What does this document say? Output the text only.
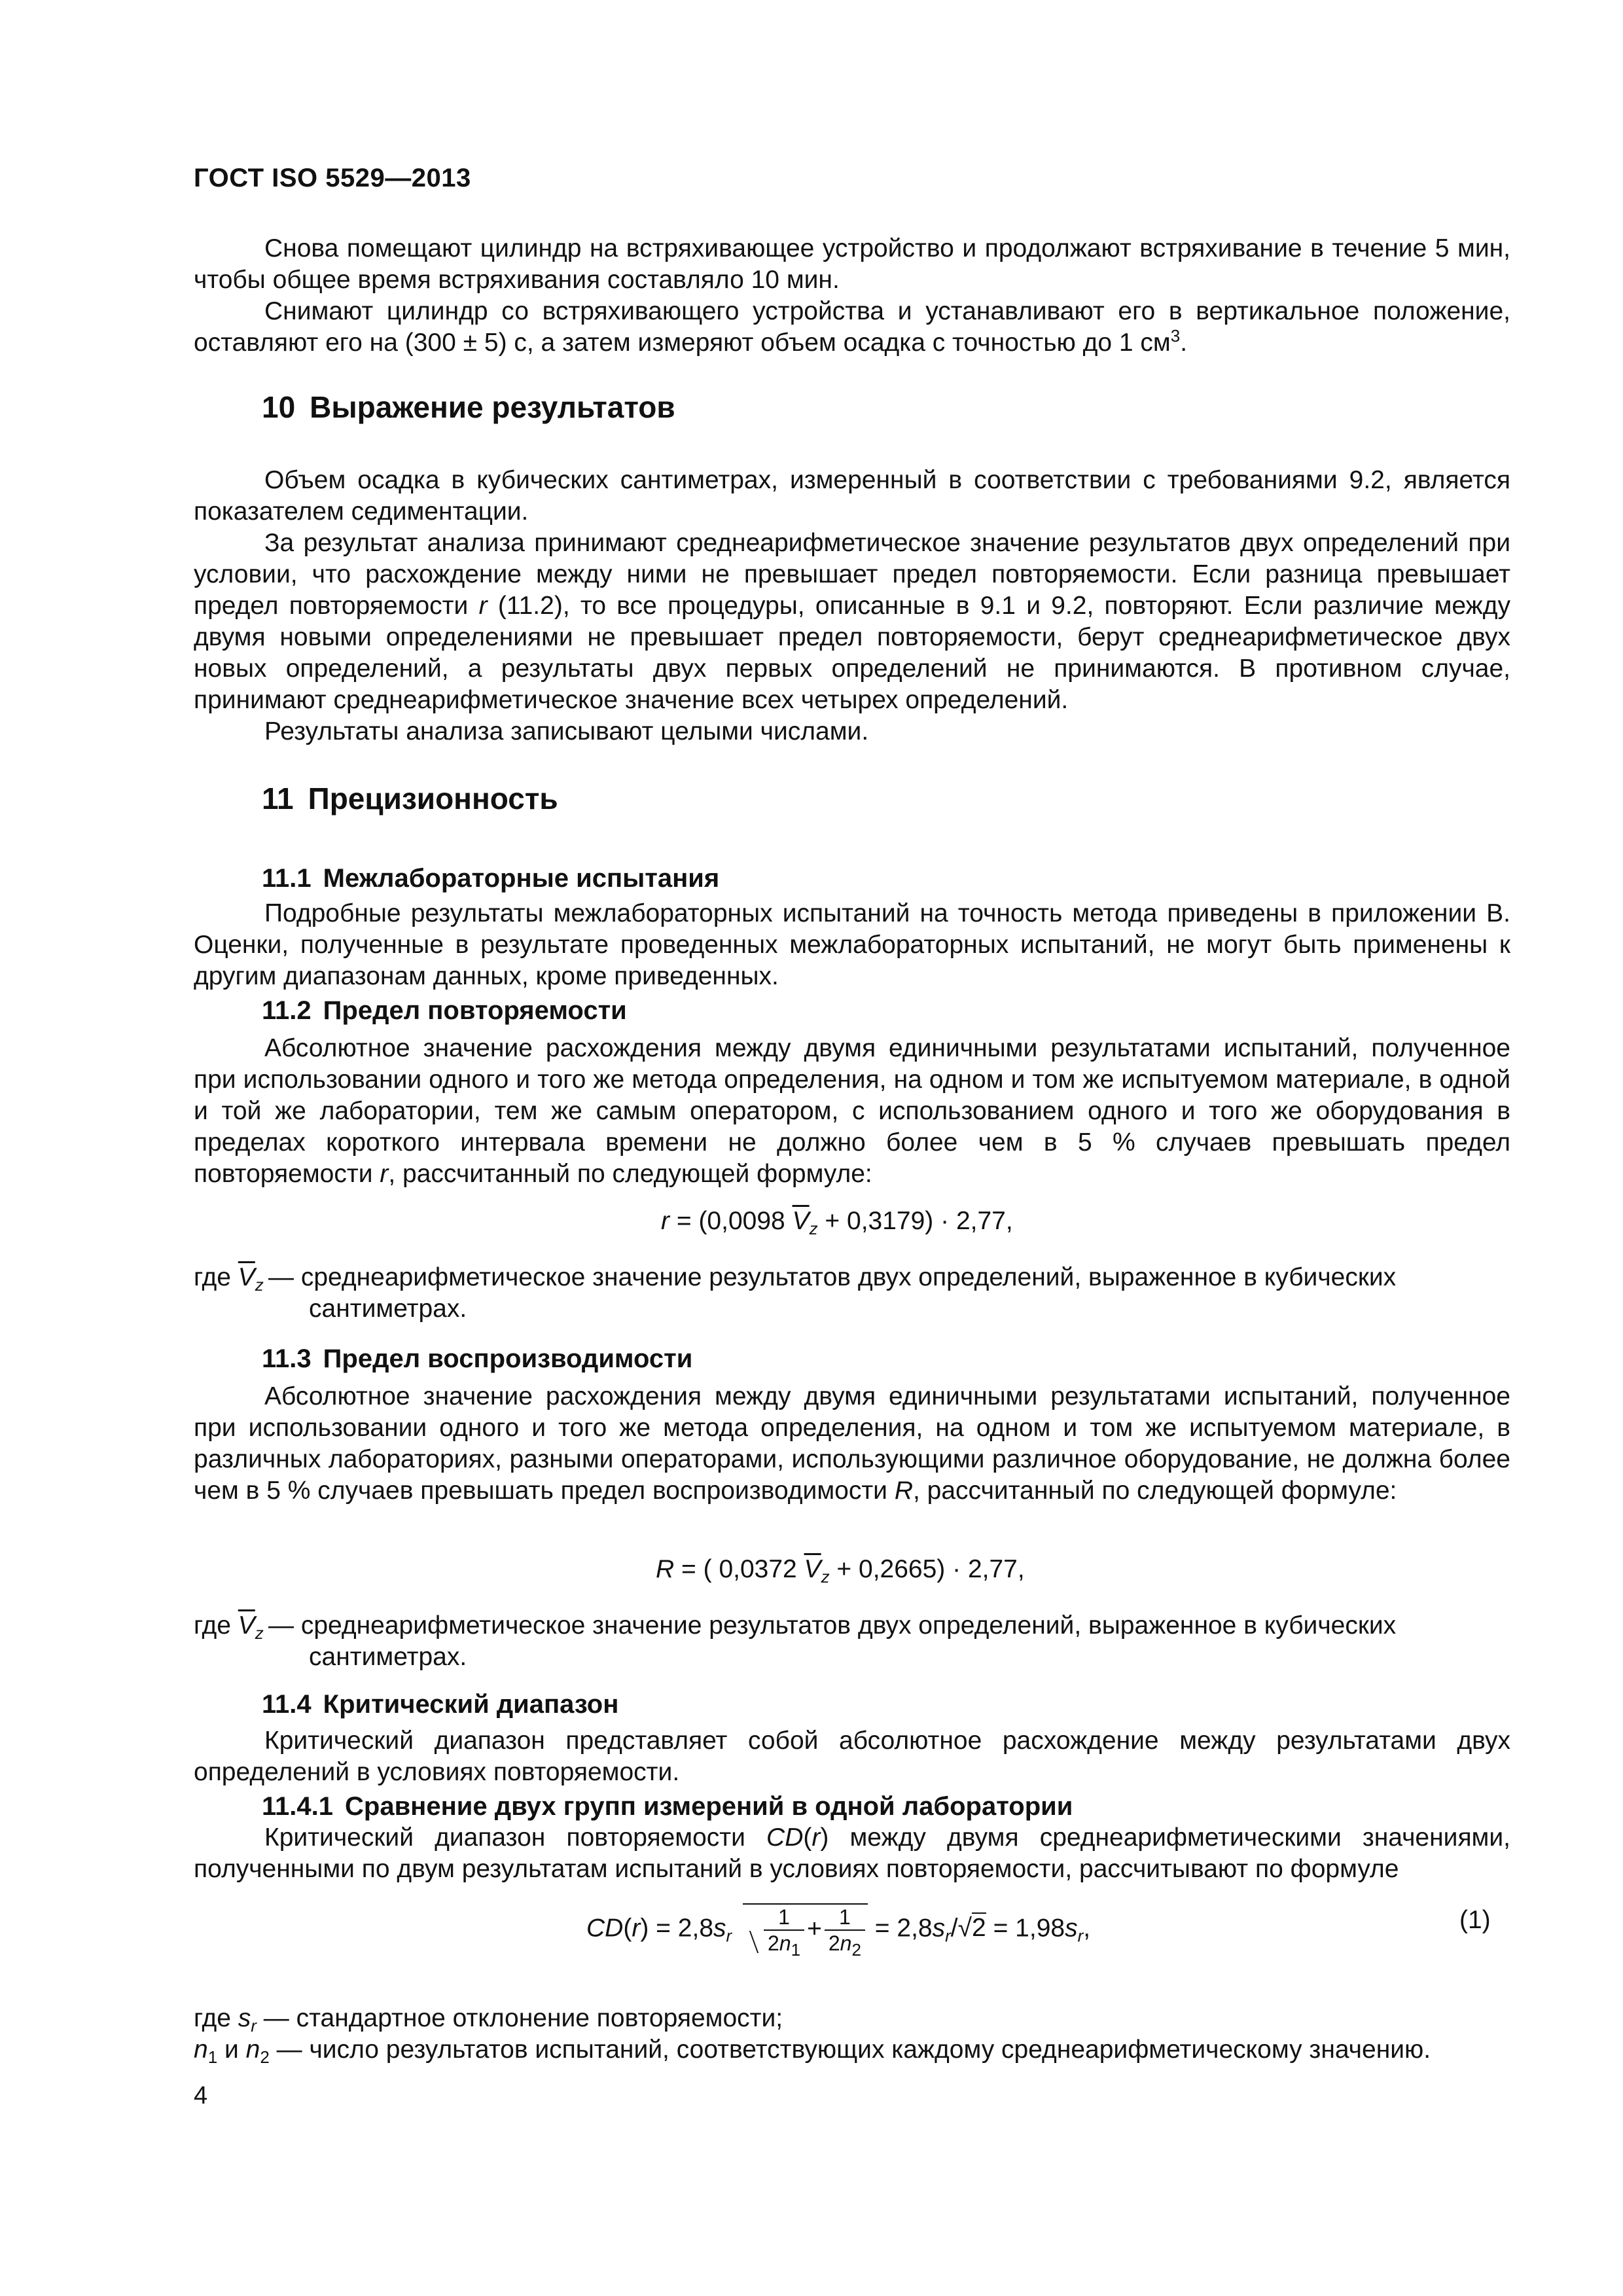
ГОСТ ISO 5529—2013

Снова помещают цилиндр на встряхивающее устройство и продолжают встряхивание в течение 5 мин, чтобы общее время встряхивания составляло 10 мин.

Снимают цилиндр со встряхивающего устройства и устанавливают его в вертикальное положение, оставляют его на (300 ± 5) с, а затем измеряют объем осадка с точностью до 1 $см^3$.

10 Выражение результатов

Объем осадка в кубических сантиметрах, измеренный в соответствии с требованиями 9.2, является показателем седиментации.

За результат анализа принимают среднеарифметическое значение результатов двух определений при условии, что расхождение между ними не превышает предел повторяемости. Если разница превышает предел повторяемости r (11.2), то все процедуры, описанные в 9.1 и 9.2, повторяют. Если различие между двумя новыми определениями не превышает предел повторяемости, берут среднеарифметическое двух новых определений, а результаты двух первых определений не принимаются. В противном случае, принимают среднеарифметическое значение всех четырех определений.

Результаты анализа записывают целыми числами.

11 Прецизионность
11.1 Межлабораторные испытания

Подробные результаты межлабораторных испытаний на точность метода приведены в приложении В. Оценки, полученные в результате проведенных межлабораторных испытаний, не могут быть применены к другим диапазонам данных, кроме приведенных.

11.2 Предел повторяемости

Абсолютное значение расхождения между двумя единичными результатами испытаний, полученное при использовании одного и того же метода определения, на одном и том же испытуемом материале, в одной и той же лаборатории, тем же самым оператором, с использованием одного и того же оборудования в пределах короткого интервала времени не должно более чем в 5 % случаев превышать предел повторяемости r, рассчитанный по следующей формуле:

r = (0,0098 $\overline{V}_z + 0,3179) \cdot 2,77$,
где $\overline{V}_z$ — среднеарифметическое значение результатов двух определений, выраженное в кубических
сантиметрах.
11.3 Предел воспроизводимости

Абсолютное значение расхождения между двумя единичными результатами испытаний, полученное при использовании одного и того же метода определения, на одном и том же испытуемом материале, в различных лабораториях, разными операторами, использующими различное оборудование, не должна более чем в 5 % случаев превышать предел воспроизводимости R, рассчитанный по следующей формуле:

R = ( 0,0372 $\overline{V}_z + 0,2665) \cdot 2,77$,
где $\overline{V}_z$ — среднеарифметическое значение результатов двух определений, выраженное в кубических
сантиметрах.
11.4 Критический диапазон

Критический диапазон представляет собой абсолютное расхождение между результатами двух определений в условиях повторяемости.

11.4.1 Сравнение двух групп измерений в одной лаборатории

Критический диапазон повторяемости CD(r) между двумя среднеарифметическими значениями, полученными по двум результатам испытаний в условиях повторяемости, рассчитывают по формуле

$CD(r) = 2,8s_r \frac{1}{2n_1} + \frac{1}{2n_2} = 2,8s_r/√2 = 1,98s_r$,	(1)
где $s_r$ — стандартное отклонение повторяемости;
$n_1$ и $n_2$ — число результатов испытаний, соответствующих каждому среднеарифметическому значению.
4
